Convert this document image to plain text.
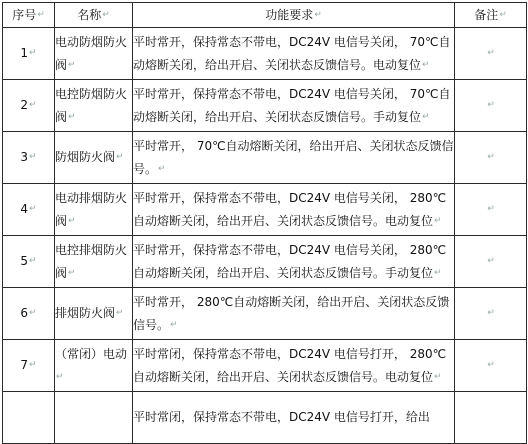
序号↵	名称↵	功能要求↵	备注↵
1↵	电动防烟防火阀↵	平时常开，保持常态不带电，DC24V 电信号关闭， 70℃自动熔断关闭，给出开启、关闭状态反馈信号。电动复位↵	↵
2↵	电控防烟防火阀↵	平时常开，保持常态不带电，DC24V 电信号关闭， 70℃自动熔断关闭，给出开启、关闭状态反馈信号。手动复位↵	↵
3↵	防烟防火阀↵	平时常开， 70℃自动熔断关闭，给出开启、关闭状态反馈信号。↵	↵
4↵	电动排烟防火阀↵	平时常开，保持常态不带电，DC24V 电信号关闭， 280℃自动熔断关闭，给出开启、关闭状态反馈信号。电动复位↵	↵
5↵	电控排烟防火阀↵	平时常开，保持常态不带电，DC24V 电信号关闭， 280℃自动熔断关闭，给出开启、关闭状态反馈信号。手动复位↵	↵
6↵	排烟防火阀↵	平时常开， 280℃自动熔断关闭，给出开启、关闭状态反馈信号。↵	↵
7↵	（常闭）电动↵	平时常闭，保持常态不带电，DC24V 电信号打开， 280℃自动熔断关闭，给出开启、关闭状态反馈信号。电动复位↵	↵
		平时常闭，保持常态不带电，DC24V 电信号打开，给出	
